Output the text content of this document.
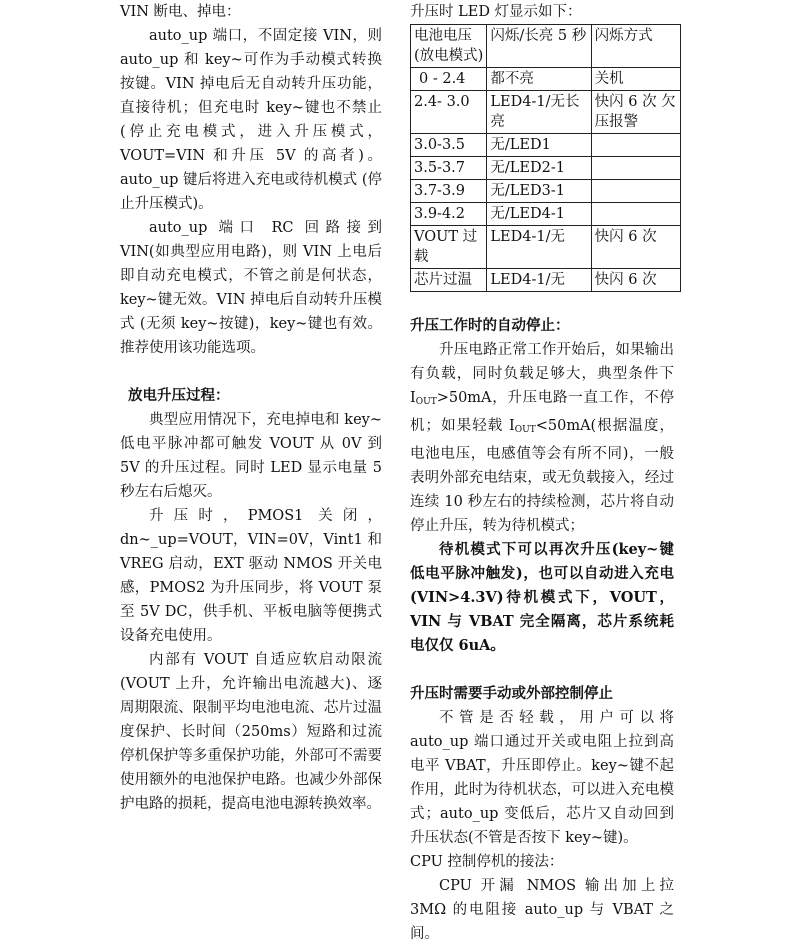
VIN 断电、掉电：

auto_up 端口，不固定接 VIN，则 auto_up 和 key~可作为手动模式转换按键。VIN 掉电后无自动转升压功能，直接待机；但充电时 key~键也不禁止 (停止充电模式，进入升压模式，VOUT=VIN 和升压 5V 的高者)。auto_up 键后将进入充电或待机模式 (停止升压模式)。

auto_up 端口 RC 回路接到 VIN(如典型应用电路)，则 VIN 上电后即自动充电模式，不管之前是何状态，key~键无效。VIN 掉电后自动转升压模式 (无须 key~按键)，key~键也有效。推荐使用该功能选项。

放电升压过程：

典型应用情况下，充电掉电和 key~低电平脉冲都可触发 VOUT 从 0V 到 5V 的升压过程。同时 LED 显示电量 5 秒左右后熄灭。

升压时，PMOS1 关闭，dn~_up=VOUT，VIN=0V，Vint1 和 VREG 启动，EXT 驱动 NMOS 开关电感，PMOS2 为升压同步，将 VOUT 泵至 5V DC，供手机、平板电脑等便携式设备充电使用。

内部有 VOUT 自适应软启动限流 (VOUT 上升，允许输出电流越大)、逐周期限流、限制平均电池电流、芯片过温度保护、长时间（250ms）短路和过流停机保护等多重保护功能，外部可不需要使用额外的电池保护电路。也减少外部保护电路的损耗，提高电池电源转换效率。

升压时 LED 灯显示如下：

电池电压 (放电模式)	闪烁/长亮 5 秒	闪烁方式
0 - 2.4	都不亮	关机
2.4- 3.0	LED4-1/无长亮	快闪 6 次 欠压报警
3.0-3.5	无/LED1	
3.5-3.7	无/LED2-1	
3.7-3.9	无/LED3-1	
3.9-4.2	无/LED4-1	
VOUT 过载	LED4-1/无	快闪 6 次
芯片过温	LED4-1/无	快闪 6 次

升压工作时的自动停止：

升压电路正常工作开始后，如果输出有负载，同时负载足够大，典型条件下 $I_{OUT}>50mA$，升压电路一直工作，不停机；如果轻载 $I_{OUT}<50mA$(根据温度，电池电压，电感值等会有所不同)，一般表明外部充电结束，或无负载接入，经过连续 10 秒左右的持续检测，芯片将自动停止升压，转为待机模式；

待机模式下可以再次升压(key~键低电平脉冲触发)，也可以自动进入充电(VIN>4.3V)待机模式下，VOUT，VIN 与 VBAT 完全隔离，芯片系统耗电仅仅 6uA。

升压时需要手动或外部控制停止

不管是否轻载，用户可以将 auto_up 端口通过开关或电阻上拉到高电平 VBAT，升压即停止。key~键不起作用，此时为待机状态，可以进入充电模式；auto_up 变低后，芯片又自动回到升压状态(不管是否按下 key~键)。

CPU 控制停机的接法：

CPU 开漏 NMOS 输出加上拉 3MΩ 的电阻接 auto_up 与 VBAT 之间。
